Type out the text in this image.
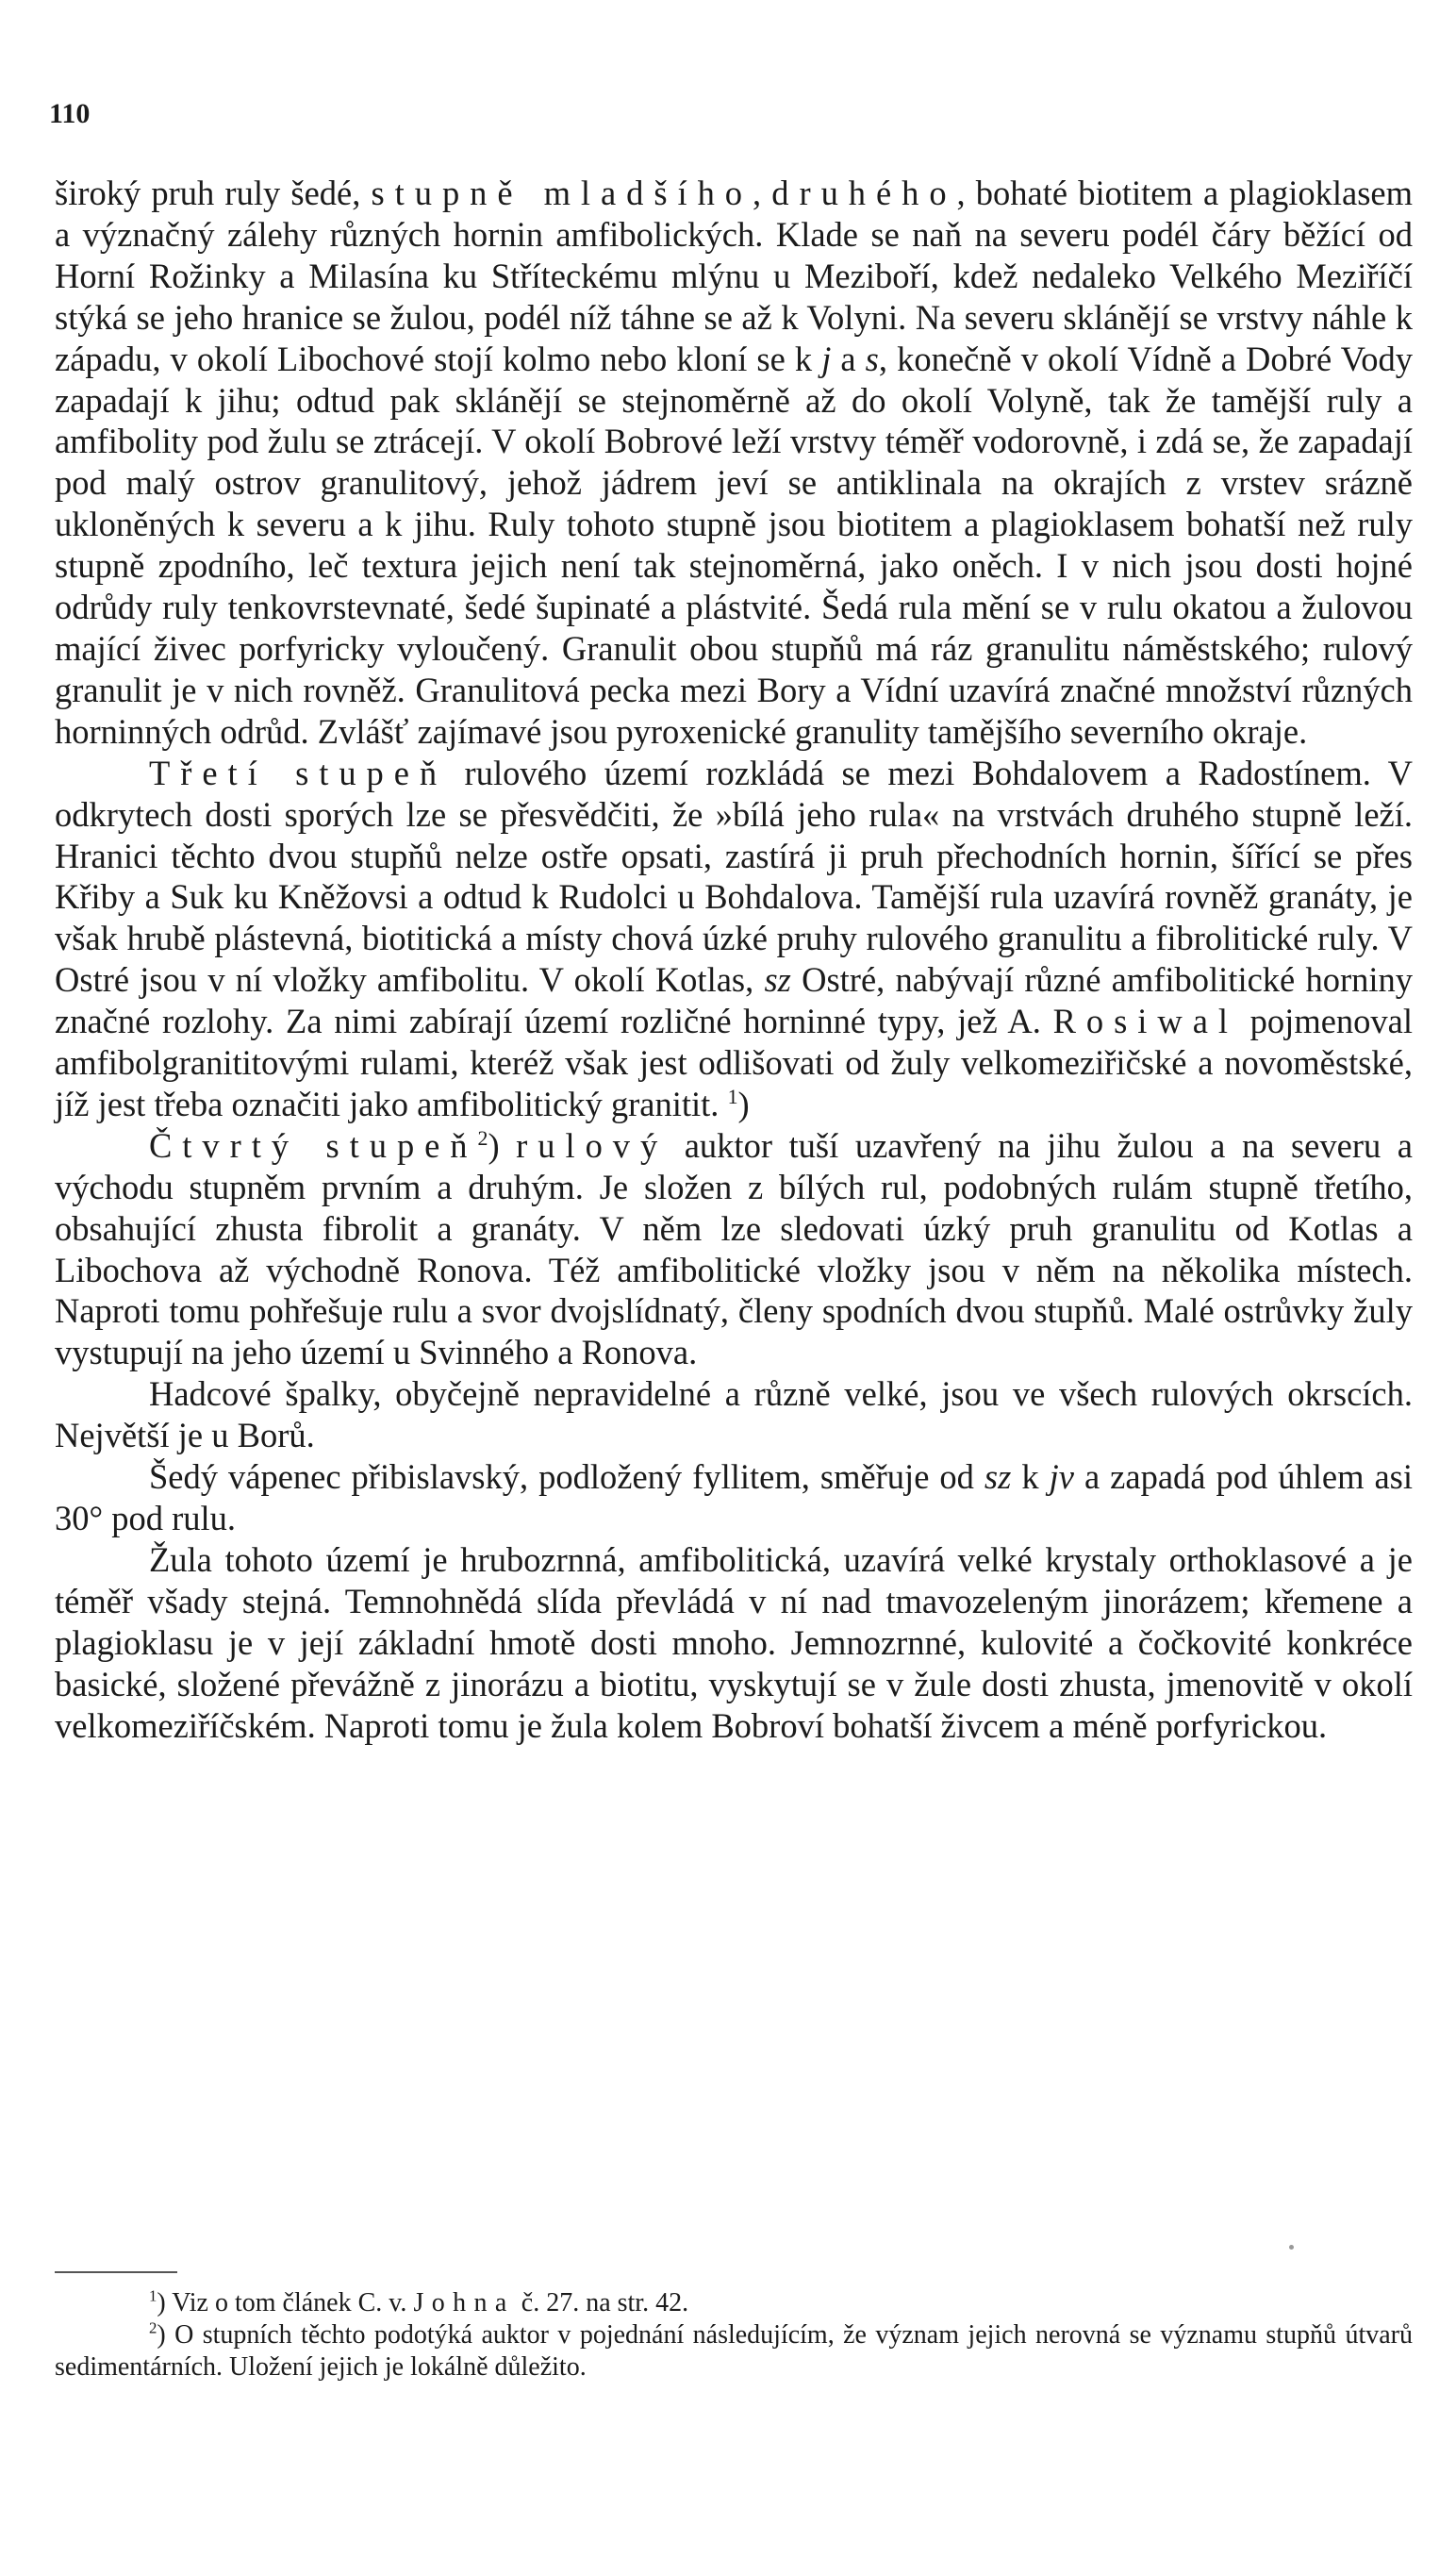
110

široký pruh ruly šedé, stupně mladšího, druhého, bohaté biotitem a plagioklasem a význačný zálehy různých hornin amfibolických. Klade se naň na severu podél čáry běžící od Horní Rožinky a Milasína ku Stříteckému mlýnu u Meziboří, kdež nedaleko Velkého Meziříčí stýká se jeho hranice se žulou, podél níž táhne se až k Volyni. Na severu sklánějí se vrstvy náhle k západu, v okolí Libochové stojí kolmo nebo kloní se k j a s, konečně v okolí Vídně a Dobré Vody zapadají k jihu; odtud pak sklánějí se stejnoměrně až do okolí Volyně, tak že tamější ruly a amfibolity pod žulu se ztrácejí. V okolí Bobrové leží vrstvy téměř vodorovně, i zdá se, že zapadají pod malý ostrov granulitový, jehož jádrem jeví se antiklinala na okrajích z vrstev srázně ukloněných k severu a k jihu. Ruly tohoto stupně jsou biotitem a plagioklasem bohatší než ruly stupně zpodního, leč textura jejich není tak stejnoměrná, jako oněch. I v nich jsou dosti hojné odrůdy ruly tenkovrstevnaté, šedé šupinaté a plástvité. Šedá rula mění se v rulu okatou a žulovou mající živec porfyricky vyloučený. Granulit obou stupňů má ráz granulitu náměstského; rulový granulit je v nich rovněž. Granulitová pecka mezi Bory a Vídní uzavírá značné množství různých horninných odrůd. Zvlášť zajímavé jsou pyroxenické granulity tamějšího severního okraje.

Třetí stupeň rulového území rozkládá se mezi Bohdalovem a Radostínem. V odkrytech dosti sporých lze se přesvědčiti, že »bílá jeho rula« na vrstvách druhého stupně leží. Hranici těchto dvou stupňů nelze ostře opsati, zastírá ji pruh přechodních hornin, šířící se přes Křiby a Suk ku Kněžovsi a odtud k Rudolci u Bohdalova. Tamější rula uzavírá rovněž granáty, je však hrubě plástevná, biotitická a místy chová úzké pruhy rulového granulitu a fibrolitické ruly. V Ostré jsou v ní vložky amfibolitu. V okolí Kotlas, sz Ostré, nabývají různé amfibolitické horniny značné rozlohy. Za nimi zabírají území rozličné horninné typy, jež A. Rosiwal pojmenoval amfibolgranititovými rulami, kteréž však jest odlišovati od žuly velkomeziřičské a novoměstské, jíž jest třeba označiti jako amfibolitický granitit. $^1$)

Čtvrtý stupeň$^2$) rulový auktor tuší uzavřený na jihu žulou a na severu a východu stupněm prvním a druhým. Je složen z bílých rul, podobných rulám stupně třetího, obsahující zhusta fibrolit a granáty. V něm lze sledovati úzký pruh granulitu od Kotlas a Libochova až východně Ronova. Též amfibolitické vložky jsou v něm na několika místech. Naproti tomu pohřešuje rulu a svor dvojslídnatý, členy spodních dvou stupňů. Malé ostrůvky žuly vystupují na jeho území u Svinného a Ronova.

Hadcové špalky, obyčejně nepravidelné a různě velké, jsou ve všech rulových okrscích. Největší je u Borů.

Šedý vápenec přibislavský, podložený fyllitem, směřuje od sz k jv a zapadá pod úhlem asi 30° pod rulu.

Žula tohoto území je hrubozrnná, amfibolitická, uzavírá velké krystaly orthoklasové a je téměř všady stejná. Temnohnědá slída převládá v ní nad tmavozeleným jinorázem; křemene a plagioklasu je v její základní hmotě dosti mnoho. Jemnozrnné, kulovité a čočkovité konkréce basické, složené převážně z jinorázu a biotitu, vyskytují se v žule dosti zhusta, jmenovitě v okolí velkomeziříčském. Naproti tomu je žula kolem Bobroví bohatší živcem a méně porfyrickou.

$^1$) Viz o tom článek C. v. Johna č. 27. na str. 42.

$^2$) O stupních těchto podotýká auktor v pojednání následujícím, že význam jejich nerovná se významu stupňů útvarů sedimentárních. Uložení jejich je lokálně důležito.
